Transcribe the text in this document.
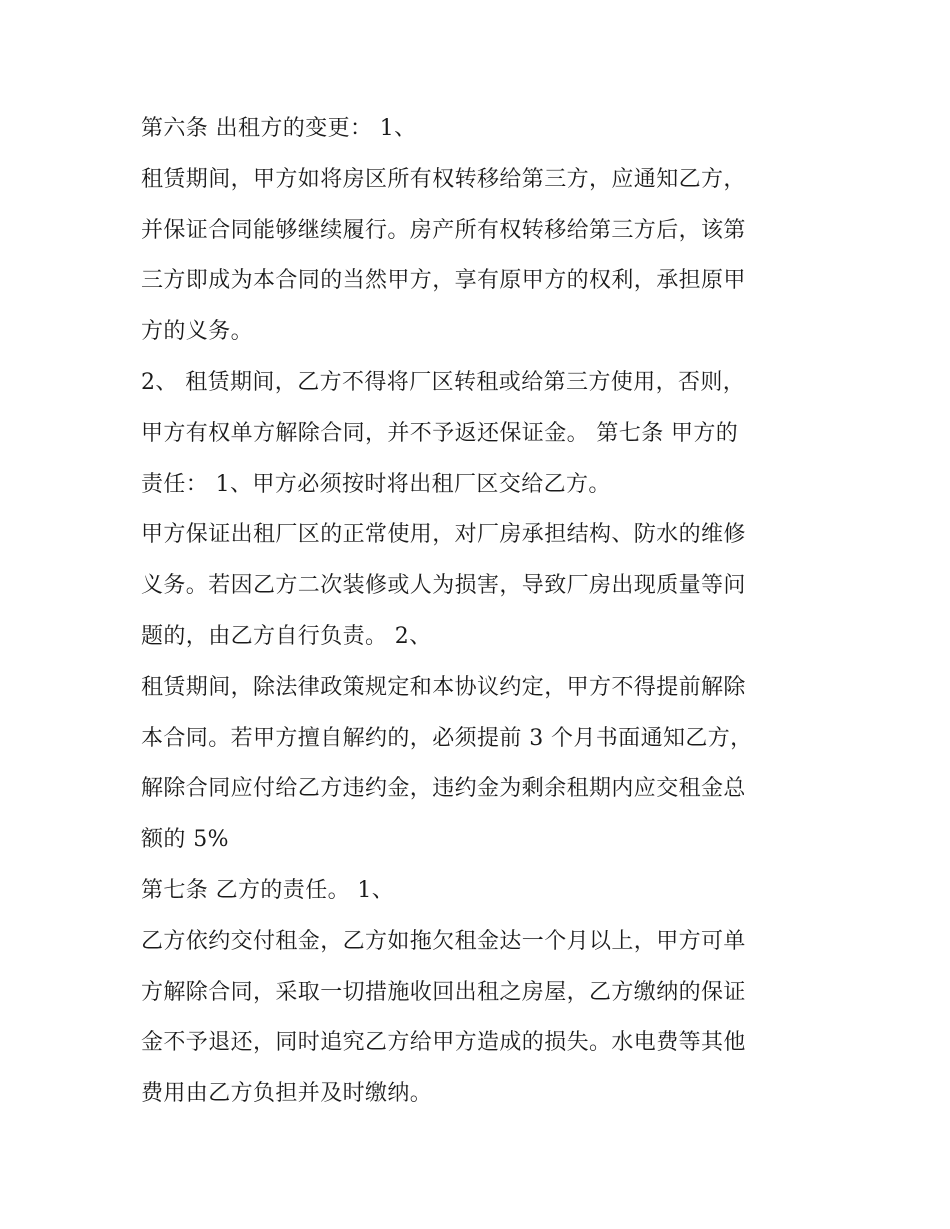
第六条 出租方的变更： 1、
租赁期间，甲方如将房区所有权转移给第三方，应通知乙方，
并保证合同能够继续履行。房产所有权转移给第三方后，该第
三方即成为本合同的当然甲方，享有原甲方的权利，承担原甲
方的义务。
2、 租赁期间，乙方不得将厂区转租或给第三方使用，否则，
甲方有权单方解除合同，并不予返还保证金。 第七条 甲方的
责任： 1、甲方必须按时将出租厂区交给乙方。
甲方保证出租厂区的正常使用，对厂房承担结构、防水的维修
义务。若因乙方二次装修或人为损害，导致厂房出现质量等问
题的，由乙方自行负责。 2、
租赁期间，除法律政策规定和本协议约定，甲方不得提前解除
本合同。若甲方擅自解约的，必须提前 3 个月书面通知乙方，
解除合同应付给乙方违约金，违约金为剩余租期内应交租金总
额的 5%
第七条 乙方的责任。 1、
乙方依约交付租金，乙方如拖欠租金达一个月以上，甲方可单
方解除合同，采取一切措施收回出租之房屋，乙方缴纳的保证
金不予退还，同时追究乙方给甲方造成的损失。水电费等其他
费用由乙方负担并及时缴纳。
